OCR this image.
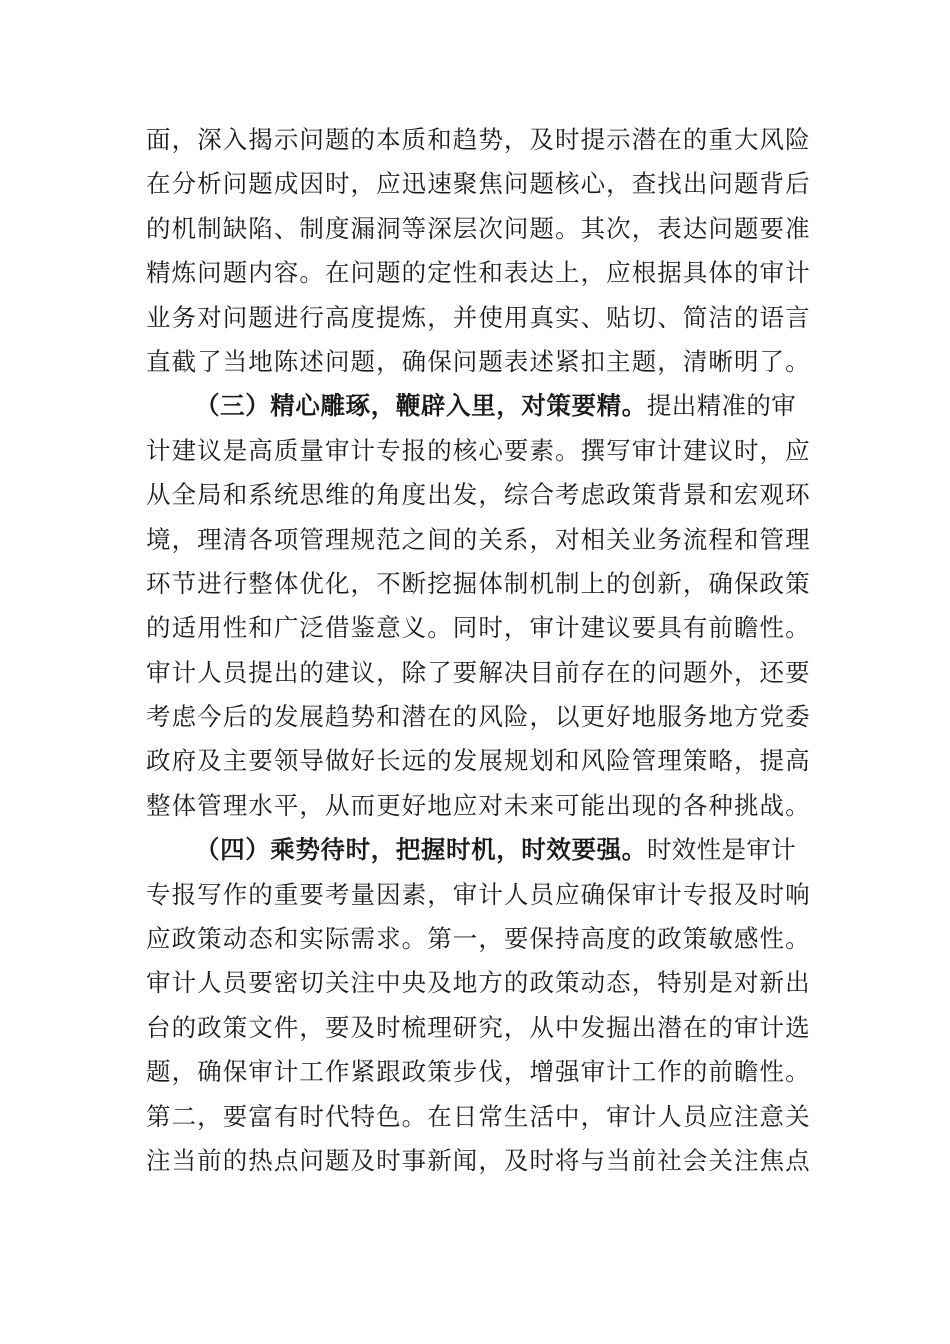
面，深入揭示问题的本质和趋势，及时提示潜在的重大风险
在分析问题成因时，应迅速聚焦问题核心，查找出问题背后
的机制缺陷、制度漏洞等深层次问题。其次，表达问题要准
精炼问题内容。在问题的定性和表达上，应根据具体的审计
业务对问题进行高度提炼，并使用真实、贴切、简洁的语言
直截了当地陈述问题，确保问题表述紧扣主题，清晰明了。
（三）精心雕琢，鞭辟入里，对策要精。提出精准的审
计建议是高质量审计专报的核心要素。撰写审计建议时，应
从全局和系统思维的角度出发，综合考虑政策背景和宏观环
境，理清各项管理规范之间的关系，对相关业务流程和管理
环节进行整体优化，不断挖掘体制机制上的创新，确保政策
的适用性和广泛借鉴意义。同时，审计建议要具有前瞻性。
审计人员提出的建议，除了要解决目前存在的问题外，还要
考虑今后的发展趋势和潜在的风险，以更好地服务地方党委
政府及主要领导做好长远的发展规划和风险管理策略，提高
整体管理水平，从而更好地应对未来可能出现的各种挑战。
（四）乘势待时，把握时机，时效要强。时效性是审计
专报写作的重要考量因素，审计人员应确保审计专报及时响
应政策动态和实际需求。第一，要保持高度的政策敏感性。
审计人员要密切关注中央及地方的政策动态，特别是对新出
台的政策文件，要及时梳理研究，从中发掘出潜在的审计选
题，确保审计工作紧跟政策步伐，增强审计工作的前瞻性。
第二，要富有时代特色。在日常生活中，审计人员应注意关
注当前的热点问题及时事新闻，及时将与当前社会关注焦点
